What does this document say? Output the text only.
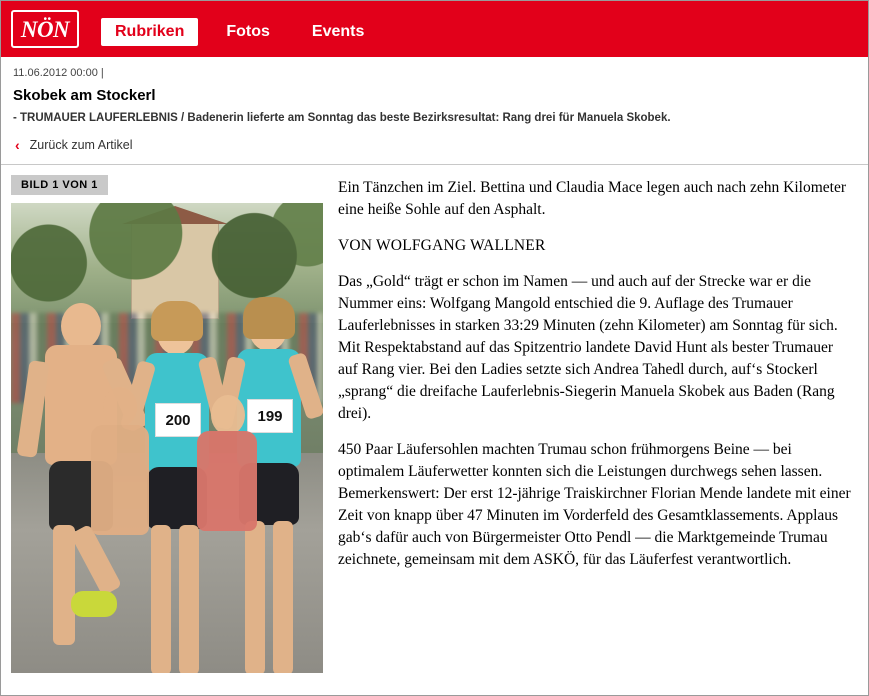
NÖN	Rubriken	Fotos	Events
11.06.2012 00:00 |
Skobek am Stockerl
- TRUMAUER LAUFERLEBNIS / Badenerin lieferte am Sonntag das beste Bezirksresultat: Rang drei für Manuela Skobek.
‹ Zurück zum Artikel
BILD 1 VON 1
200	199

Ein Tänzchen im Ziel. Bettina und Claudia Mace legen auch nach zehn Kilometer eine heiße Sohle auf den Asphalt.

VON WOLFGANG WALLNER

Das „Gold“ trägt er schon im Namen — und auch auf der Strecke war er die Nummer eins: Wolfgang Mangold entschied die 9. Auflage des Trumauer Lauferlebnisses in starken 33:29 Minuten (zehn Kilometer) am Sonntag für sich. Mit Respektabstand auf das Spitzentrio landete David Hunt als bester Trumauer auf Rang vier. Bei den Ladies setzte sich Andrea Tahedl durch, auf‘s Stockerl „sprang“ die dreifache Lauferlebnis-Siegerin Manuela Skobek aus Baden (Rang drei).

450 Paar Läufersohlen machten Trumau schon frühmorgens Beine — bei optimalem Läuferwetter konnten sich die Leistungen durchwegs sehen lassen. Bemerkenswert: Der erst 12-jährige Traiskirchner Florian Mende landete mit einer Zeit von knapp über 47 Minuten im Vorderfeld des Gesamtklassements. Applaus gab‘s dafür auch von Bürgermeister Otto Pendl — die Marktgemeinde Trumau zeichnete, gemeinsam mit dem ASKÖ, für das Läuferfest verantwortlich.
